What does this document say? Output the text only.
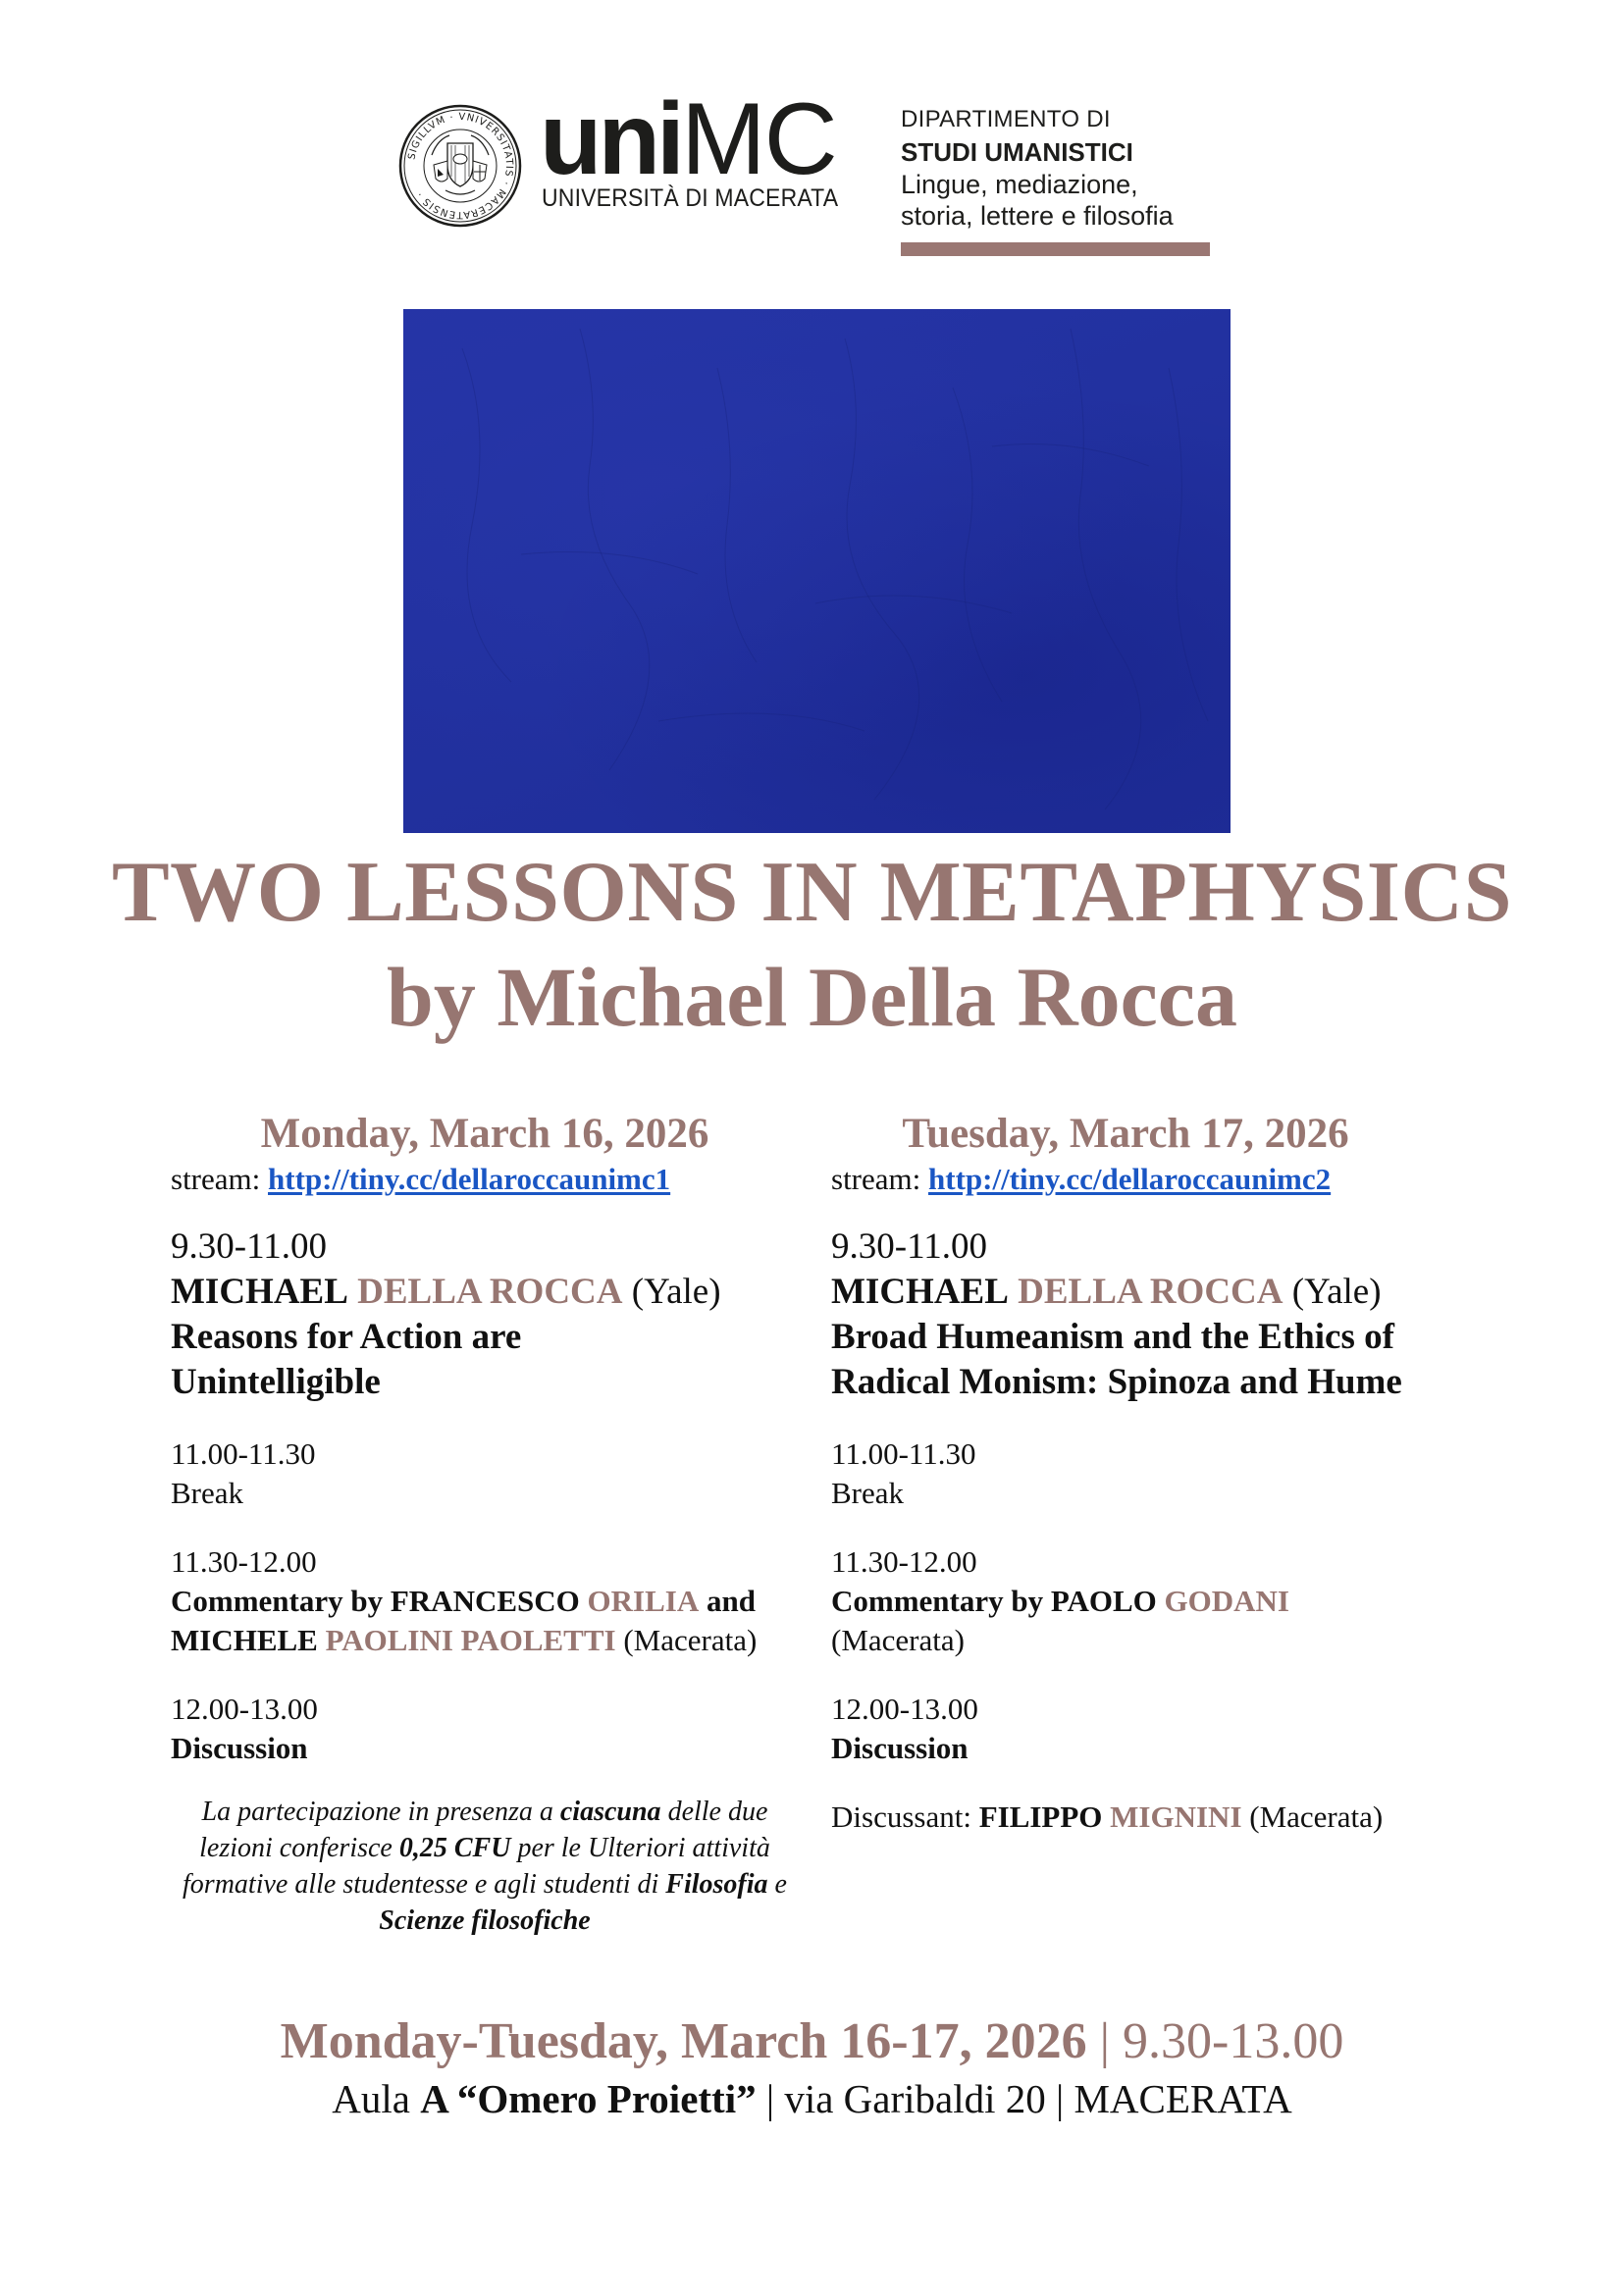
SIGILLVM · VNIVERSITATIS · MACERATENSIS ·	uniMC
UNIVERSITÀ DI MACERATA
DIPARTIMENTO DI
STUDI UMANISTICI
Lingue, mediazione,
storia, lettere e filosofia
TWO LESSONS IN METAPHYSICS
by Michael Della Rocca
Monday, March 16, 2026
stream: http://tiny.cc/dellaroccaunimc1
9.30-11.00
MICHAEL DELLA ROCCA (Yale)
Reasons for Action are
Unintelligible
11.00-11.30
Break
11.30-12.00
Commentary by FRANCESCO ORILIA and
MICHELE PAOLINI PAOLETTI (Macerata)
12.00-13.00
Discussion
La partecipazione in presenza a ciascuna delle due lezioni conferisce 0,25 CFU per le Ulteriori attività formative alle studentesse e agli studenti di Filosofia e Scienze filosofiche
Tuesday, March 17, 2026
stream: http://tiny.cc/dellaroccaunimc2
9.30-11.00
MICHAEL DELLA ROCCA (Yale)
Broad Humeanism and the Ethics of
Radical Monism: Spinoza and Hume
11.00-11.30
Break
11.30-12.00
Commentary by PAOLO GODANI
(Macerata)
12.00-13.00
Discussion
Discussant: FILIPPO MIGNINI (Macerata)
Monday-Tuesday, March 16-17, 2026 | 9.30-13.00
Aula A “Omero Proietti” | via Garibaldi 20 | MACERATA
